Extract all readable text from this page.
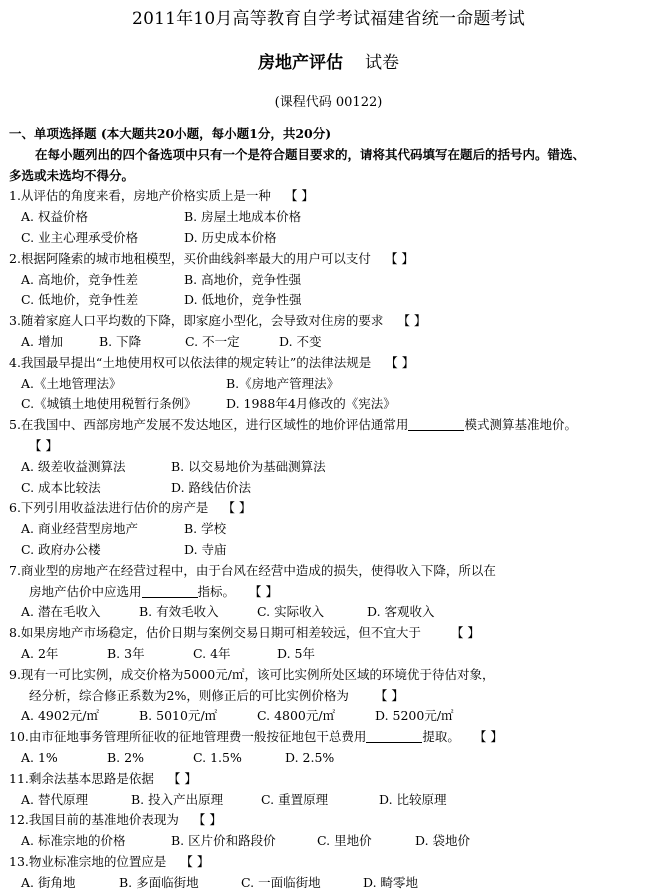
2011年10月高等教育自学考试福建省统一命题考试
房地产评估 试卷
(课程代码 00122)
一、单项选择题 (本大题共20小题，每小题1分，共20分)
在每小题列出的四个备选项中只有一个是符合题目要求的，请将其代码填写在题后的括号内。错选、
多选或未选均不得分。
1.从评估的角度来看，房地产价格实质上是一种 【 】
A. 权益价格	B. 房屋土地成本价格
C. 业主心理承受价格	D. 历史成本价格
2.根据阿隆索的城市地租模型，买价曲线斜率最大的用户可以支付 【 】
A. 高地价，竞争性差	B. 高地价，竞争性强
C. 低地价，竞争性差	D. 低地价，竞争性强
3.随着家庭人口平均数的下降，即家庭小型化，会导致对住房的要求 【 】
A. 增加	B. 下降	C. 不一定	D. 不变
4.我国最早提出“土地使用权可以依法律的规定转让”的法律法规是 【 】
A.《土地管理法》	B.《房地产管理法》
C.《城镇土地使用税暂行条例》 D. 1988年4月修改的《宪法》
5.在我国中、西部房地产发展不发达地区，进行区域性的地价评估通常用	模式测算基准地价。
【 】
A. 级差收益测算法	B. 以交易地价为基础测算法
C. 成本比较法	D. 路线估价法
6.下列引用收益法进行估价的房产是 【 】
A. 商业经营型房地产	B. 学校
C. 政府办公楼	D. 寺庙
7.商业型的房地产在经营过程中，由于台风在经营中造成的损失，使得收入下降，所以在
房地产估价中应选用	指标。 【 】
A. 潜在毛收入	B. 有效毛收入	C. 实际收入	D. 客观收入
8.如果房地产市场稳定，估价日期与案例交易日期可相差较远，但不宜大于 【 】
A. 2年	B. 3年	C. 4年	D. 5年
9.现有一可比实例，成交价格为5000元/㎡，该可比实例所处区域的环境优于待估对象，
经分析，综合修正系数为2%，则修正后的可比实例价格为 【 】
A. 4902元/㎡	B. 5010元/㎡	C. 4800元/㎡	D. 5200元/㎡
10.由市征地事务管理所征收的征地管理费一般按征地包干总费用	提取。 【 】
A. 1%	B. 2%	C. 1.5%	D. 2.5%
11.剩余法基本思路是依据 【 】
A. 替代原理	B. 投入产出原理	C. 重置原理	D. 比较原理
12.我国目前的基准地价表现为 【 】
A. 标准宗地的价格	B. 区片价和路段价	C. 里地价	D. 袋地价
13.物业标准宗地的位置应是 【 】
A. 街角地	B. 多面临街地	C. 一面临街地	D. 畸零地
